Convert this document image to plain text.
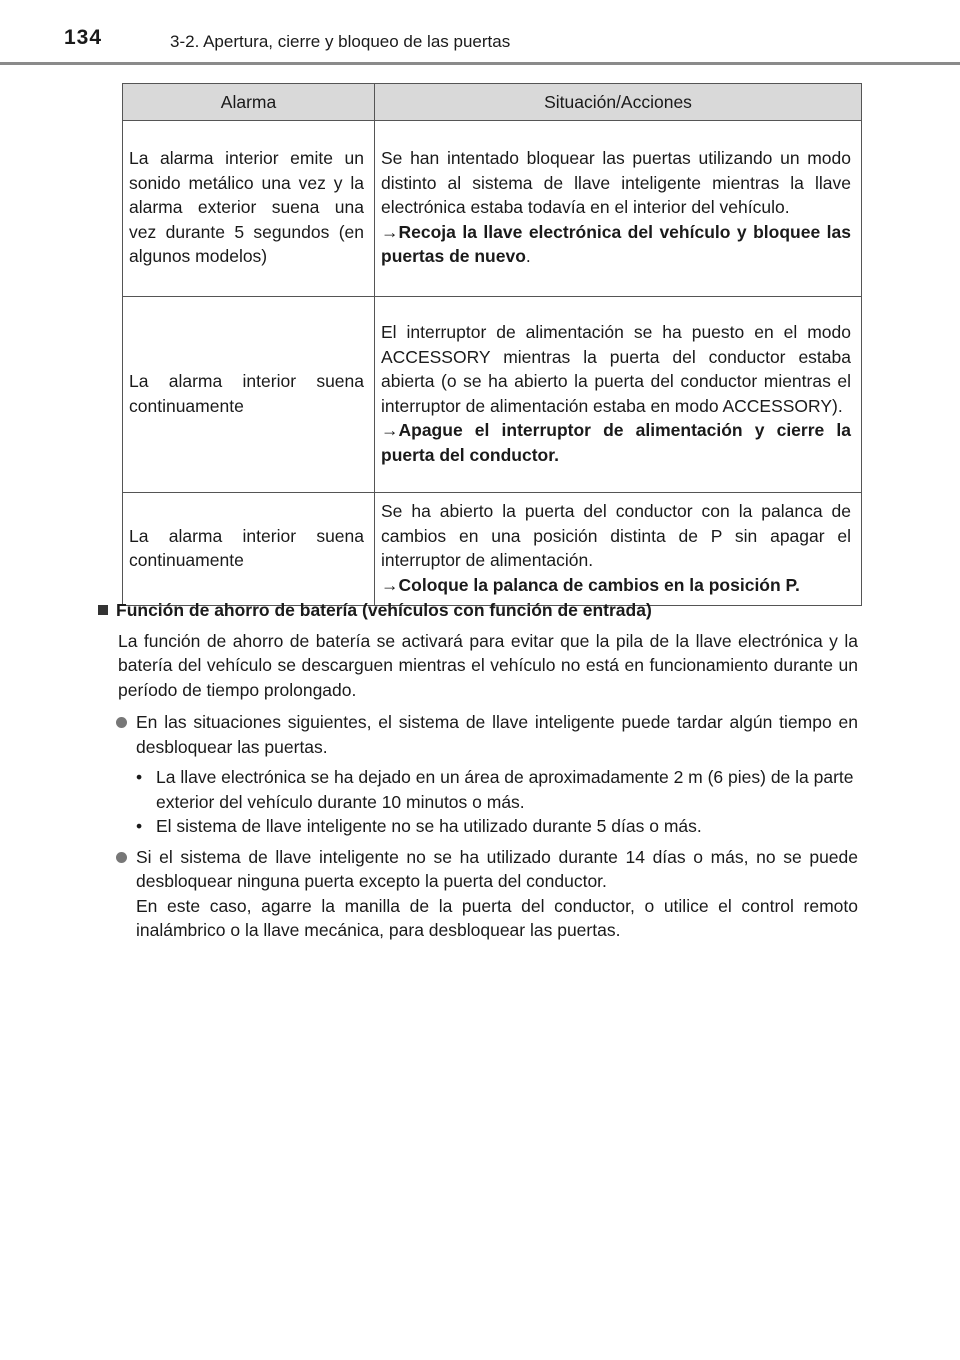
134	3-2. Apertura, cierre y bloqueo de las puertas
Alarma	Situación/Acciones
La alarma interior emite un sonido metálico una vez y la alarma exterior suena una vez durante 5 segundos (en algunos modelos)	Se han intentado bloquear las puertas utilizando un modo distinto al sistema de llave inteligente mientras la llave electrónica estaba todavía en el interior del vehículo.
→Recoja la llave electrónica del vehículo y bloquee las puertas de nuevo.

La alarma interior suena continuamente	El interruptor de alimentación se ha puesto en el modo ACCESSORY mientras la puerta del conductor estaba abierta (o se ha abierto la puerta del conductor mientras el interruptor de alimentación estaba en modo ACCESSORY).
→Apague el interruptor de alimentación y cierre la puerta del conductor.

La alarma interior suena continuamente	Se ha abierto la puerta del conductor con la palanca de cambios en una posición distinta de P sin apagar el interruptor de alimentación.
→Coloque la palanca de cambios en la posición P.
Función de ahorro de batería (vehículos con función de entrada)
La función de ahorro de batería se activará para evitar que la pila de la llave electrónica y la batería del vehículo se descarguen mientras el vehículo no está en funcionamiento durante un período de tiempo prolongado.
En las situaciones siguientes, el sistema de llave inteligente puede tardar algún tiempo en desbloquear las puertas.
• La llave electrónica se ha dejado en un área de aproximadamente 2 m (6 pies) de la parte exterior del vehículo durante 10 minutos o más.
• El sistema de llave inteligente no se ha utilizado durante 5 días o más.
Si el sistema de llave inteligente no se ha utilizado durante 14 días o más, no se puede desbloquear ninguna puerta excepto la puerta del conductor.
En este caso, agarre la manilla de la puerta del conductor, o utilice el control remoto inalámbrico o la llave mecánica, para desbloquear las puertas.
